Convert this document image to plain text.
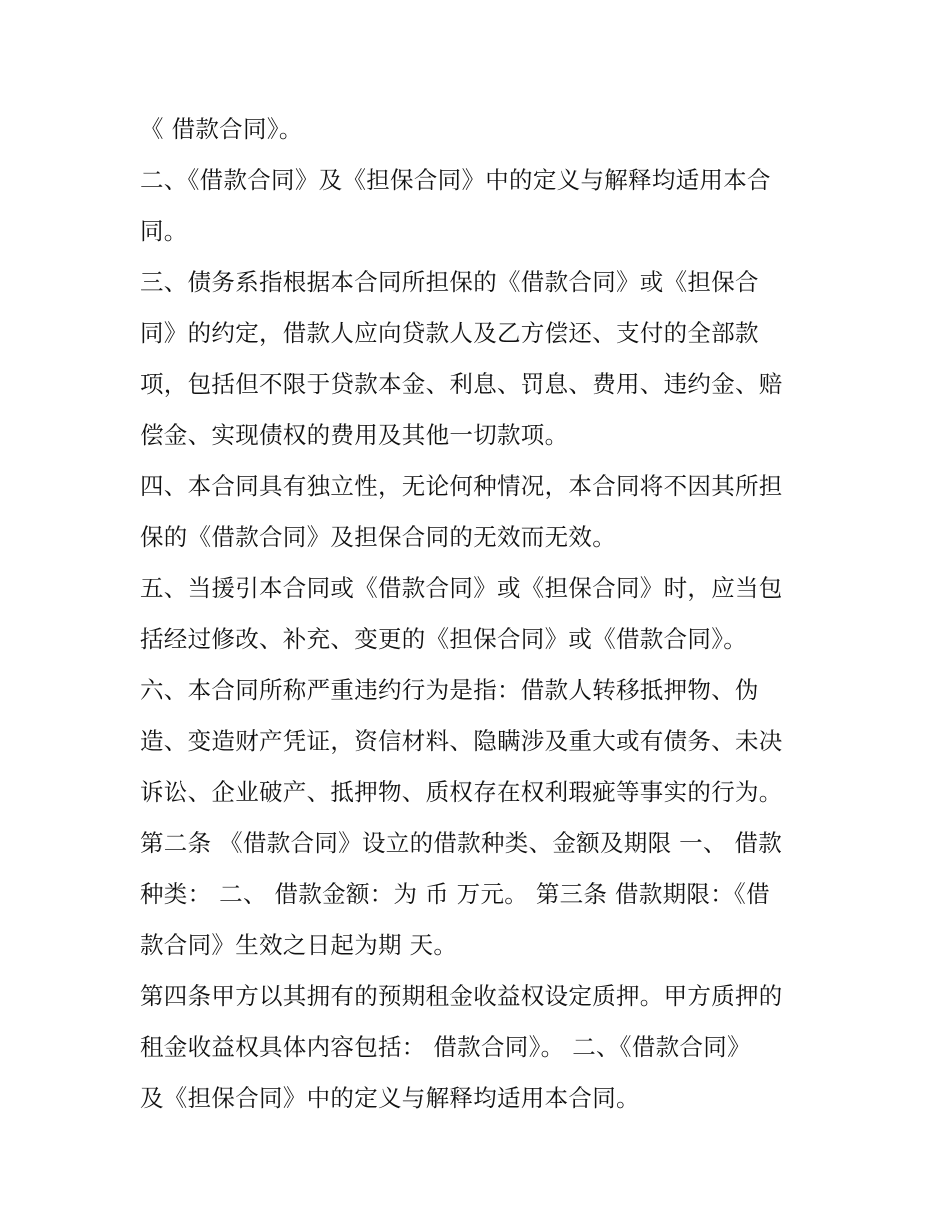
《 借款合同》。
二、《借款合同》及《担保合同》中的定义与解释均适用本合
同。
三、债务系指根据本合同所担保的《借款合同》或《担保合
同》的约定，借款人应向贷款人及乙方偿还、支付的全部款
项，包括但不限于贷款本金、利息、罚息、费用、违约金、赔
偿金、实现债权的费用及其他一切款项。
四、本合同具有独立性，无论何种情况，本合同将不因其所担
保的《借款合同》及担保合同的无效而无效。
五、当援引本合同或《借款合同》或《担保合同》时，应当包
括经过修改、补充、变更的《担保合同》或《借款合同》。
六、本合同所称严重违约行为是指：借款人转移抵押物、伪
造、变造财产凭证，资信材料、隐瞒涉及重大或有债务、未决
诉讼、企业破产、抵押物、质权存在权利瑕疵等事实的行为。
第二条 《借款合同》设立的借款种类、金额及期限 一、 借款
种类： 二、 借款金额：为 币 万元。 第三条 借款期限：《借
款合同》生效之日起为期 天。
第四条甲方以其拥有的预期租金收益权设定质押。甲方质押的
租金收益权具体内容包括： 借款合同》。 二、《借款合同》
及《担保合同》中的定义与解释均适用本合同。
